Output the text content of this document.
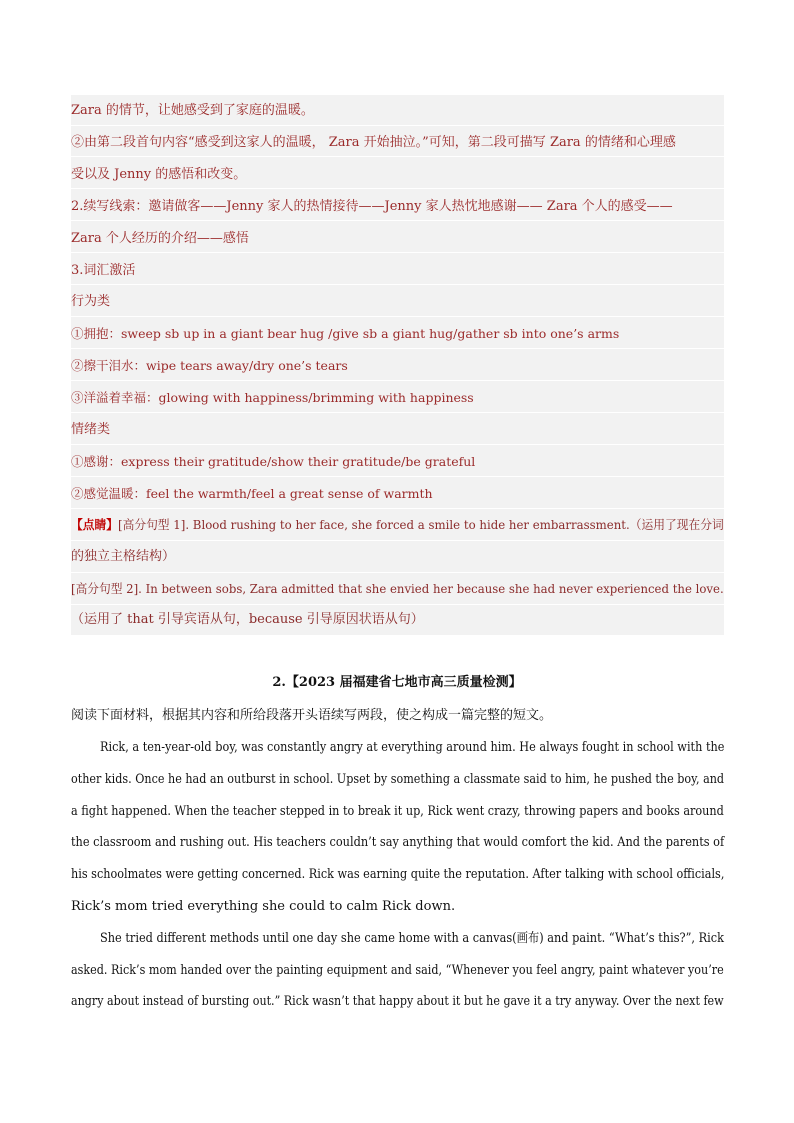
Zara 的情节，让她感受到了家庭的温暖。
②由第二段首句内容“感受到这家人的温暖， Zara 开始抽泣。”可知，第二段可描写 Zara 的情绪和心理感
受以及 Jenny 的感悟和改变。
2.续写线索：邀请做客——Jenny 家人的热情接待——Jenny 家人热忱地感谢—— Zara 个人的感受——
Zara 个人经历的介绍——感悟
3.词汇激活
行为类
①拥抱：sweep sb up in a giant bear hug /give sb a giant hug/gather sb into one’s arms
②擦干泪水：wipe tears away/dry one’s tears
③洋溢着幸福：glowing with happiness/brimming with happiness
情绪类
①感谢：express their gratitude/show their gratitude/be grateful
②感觉温暖：feel the warmth/feel a great sense of warmth
【点睛】[高分句型 1]. Blood rushing to her face, she forced a smile to hide her embarrassment.（运用了现在分词
的独立主格结构）
[高分句型 2]. In between sobs, Zara admitted that she envied her because she had never experienced the love.
（运用了 that 引导宾语从句，because 引导原因状语从句）
2.【2023 届福建省七地市高三质量检测】
阅读下面材料，根据其内容和所给段落开头语续写两段，使之构成一篇完整的短文。
Rick, a ten-year-old boy, was constantly angry at everything around him. He always fought in school with the
other kids. Once he had an outburst in school. Upset by something a classmate said to him, he pushed the boy, and
a fight happened. When the teacher stepped in to break it up, Rick went crazy, throwing papers and books around
the classroom and rushing out. His teachers couldn’t say anything that would comfort the kid. And the parents of
his schoolmates were getting concerned. Rick was earning quite the reputation. After talking with school officials,
Rick’s mom tried everything she could to calm Rick down.
She tried different methods until one day she came home with a canvas(画布) and paint. “What’s this?”, Rick
asked. Rick’s mom handed over the painting equipment and said, “Whenever you feel angry, paint whatever you’re
angry about instead of bursting out.” Rick wasn’t that happy about it but he gave it a try anyway. Over the next few
